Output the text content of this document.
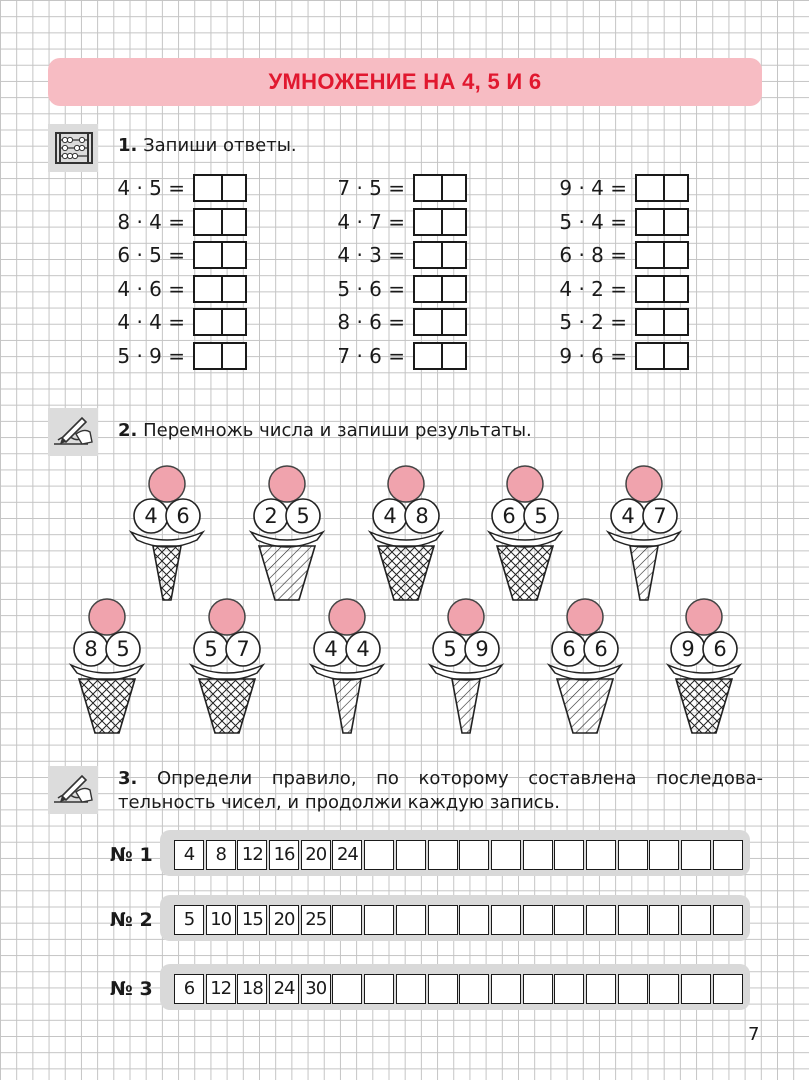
УМНОЖЕНИЕ НА 4, 5 И 6
1. Запиши ответы.
4 · 5 =
8 · 4 =
6 · 5 =
4 · 6 =
4 · 4 =
5 · 9 =
7 · 5 =
4 · 7 =
4 · 3 =
5 · 6 =
8 · 6 =
7 · 6 =
9 · 4 =
5 · 4 =
6 · 8 =
4 · 2 =
5 · 2 =
9 · 6 =
2. Перемножь числа и запиши результаты.
4 6	2 5	4 8	6 5	4 7
8 5	5 7	4 4	5 9	6 6	9 6
3. Определи правило, по которому составлена последова-
тельность чисел, и продолжи каждую запись.
№ 1	4	8 12 16 20 24
№ 2	5 10 15 20 25
№ 3	6 12 18 24 30
7
